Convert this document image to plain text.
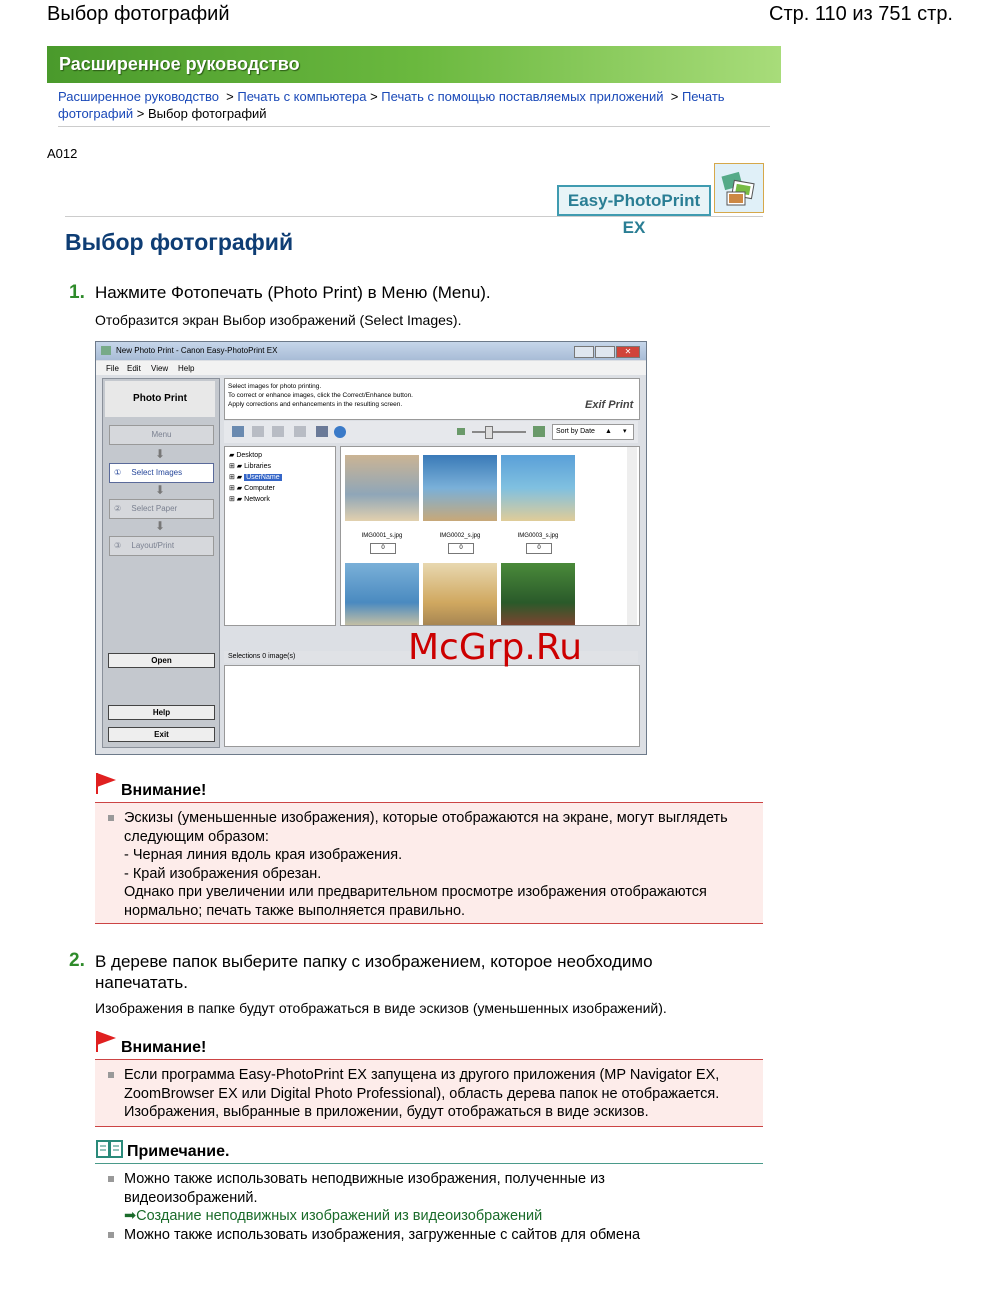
Выбор фотографий	Стр. 110 из 751 стр.
Расширенное руководство
Расширенное руководство  > Печать с компьютера > Печать с помощью поставляемых приложений  > Печать фотографий > Выбор фотографий
A012
Easy-PhotoPrint EX
Выбор фотографий
1. Нажмите Фотопечать (Photo Print) в Меню (Menu).
Отобразится экран Выбор изображений (Select Images).
New Photo Print - Canon Easy-PhotoPrint EX	✕
File Edit View Help
Photo Print
Menu
⬇
① Select Images
⬇
② Select Paper
⬇
③ Layout/Print
Open
Help
Exit
Select images for photo printing.
To correct or enhance images, click the Correct/Enhance button.
Apply corrections and enhancements in the resulting screen.	Exif Print
Sort by Date ▲ ▾
▰ Desktop
⊞ ▰ Libraries
⊞ ▰ UserName
⊞ ▰ Computer
⊞ ▰ Network
IMG0001_s.jpg	IMG0002_s.jpg	IMG0003_s.jpg
0	0	0
Selections 0 image(s)	McGrp.Ru
Внимание!
Эскизы (уменьшенные изображения), которые отображаются на экране, могут выглядеть
следующим образом:
- Черная линия вдоль края изображения.
- Край изображения обрезан.
Однако при увеличении или предварительном просмотре изображения отображаются
нормально; печать также выполняется правильно.
2. В дереве папок выберите папку с изображением, которое необходимо
напечатать.
Изображения в папке будут отображаться в виде эскизов (уменьшенных изображений).
Внимание!
Если программа Easy-PhotoPrint EX запущена из другого приложения (MP Navigator EX,
ZoomBrowser EX или Digital Photo Professional), область дерева папок не отображается.
Изображения, выбранные в приложении, будут отображаться в виде эскизов.
Примечание.
Можно также использовать неподвижные изображения, полученные из
видеоизображений.
➡Создание неподвижных изображений из видеоизображений
Можно также использовать изображения, загруженные с сайтов для обмена
